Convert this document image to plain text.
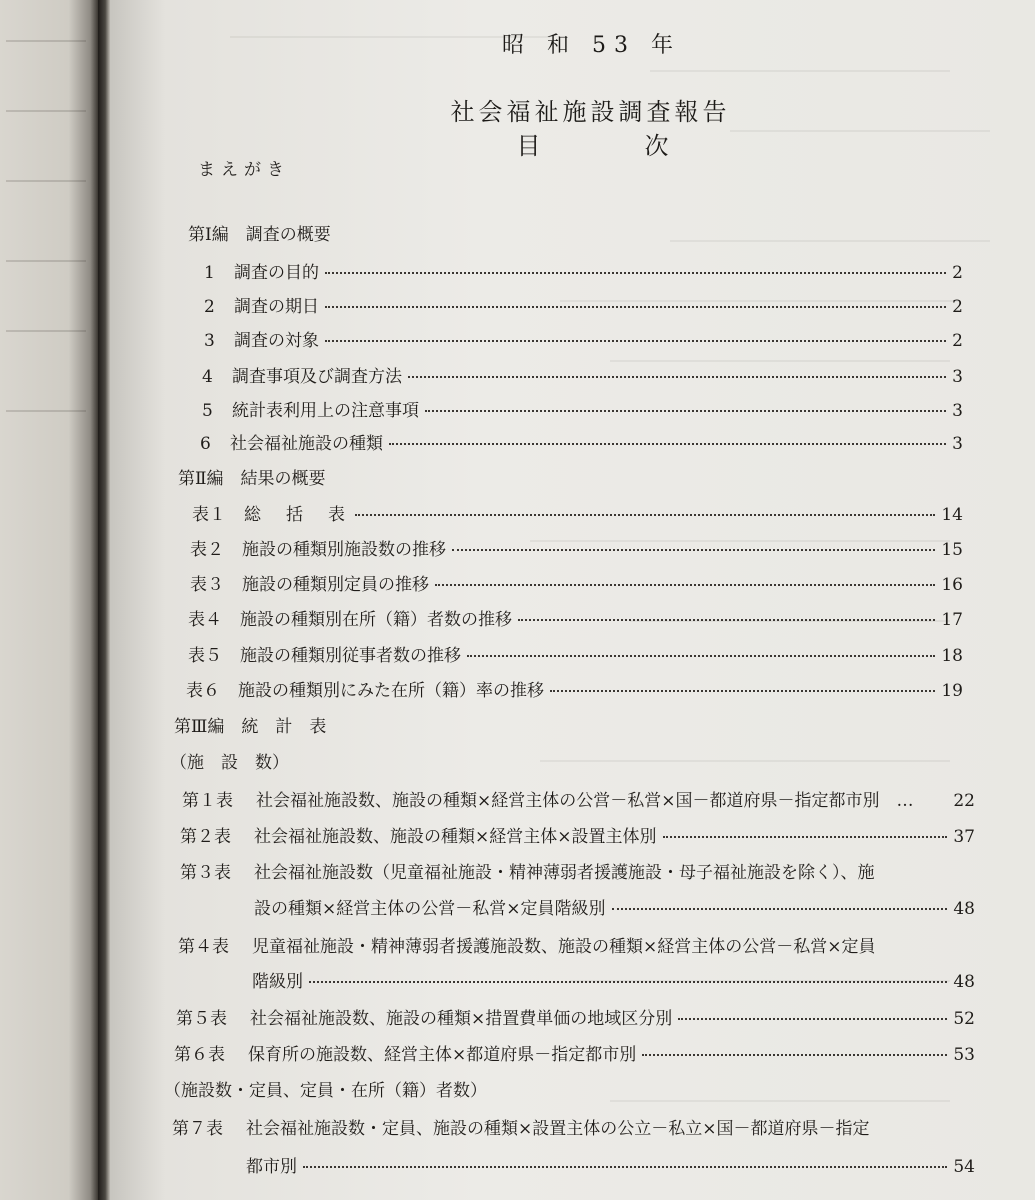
昭 和 53 年
社会福祉施設調査報告
目　次
まえがき
第Ⅰ編　調査の概要
1	調査の目的	2
2	調査の期日	2
3	調査の対象	2
4	調査事項及び調査方法	3
5	統計表利用上の注意事項	3
6	社会福祉施設の種類	3
第Ⅱ編　結果の概要
表１	総　括　表	14
表２	施設の種類別施設数の推移	15
表３	施設の種類別定員の推移	16
表４	施設の種類別在所（籍）者数の推移	17
表５	施設の種類別従事者数の推移	18
表６	施設の種類別にみた在所（籍）率の推移	19
第Ⅲ編　統　計　表
（施　設　数）
第１表	社会福祉施設数、施設の種類×経営主体の公営－私営×国－都道府県－指定都市別　…	22
第２表	社会福祉施設数、施設の種類×経営主体×設置主体別	37
第３表 社会福祉施設数（児童福祉施設・精神薄弱者援護施設・母子福祉施設を除く）、施
設の種類×経営主体の公営－私営×定員階級別	48
第４表 児童福祉施設・精神薄弱者援護施設数、施設の種類×経営主体の公営－私営×定員
階級別	48
第５表	社会福祉施設数、施設の種類×措置費単価の地域区分別	52
第６表	保育所の施設数、経営主体×都道府県－指定都市別	53
（施設数・定員、定員・在所（籍）者数）
第７表 社会福祉施設数・定員、施設の種類×設置主体の公立－私立×国－都道府県－指定
都市別	54
